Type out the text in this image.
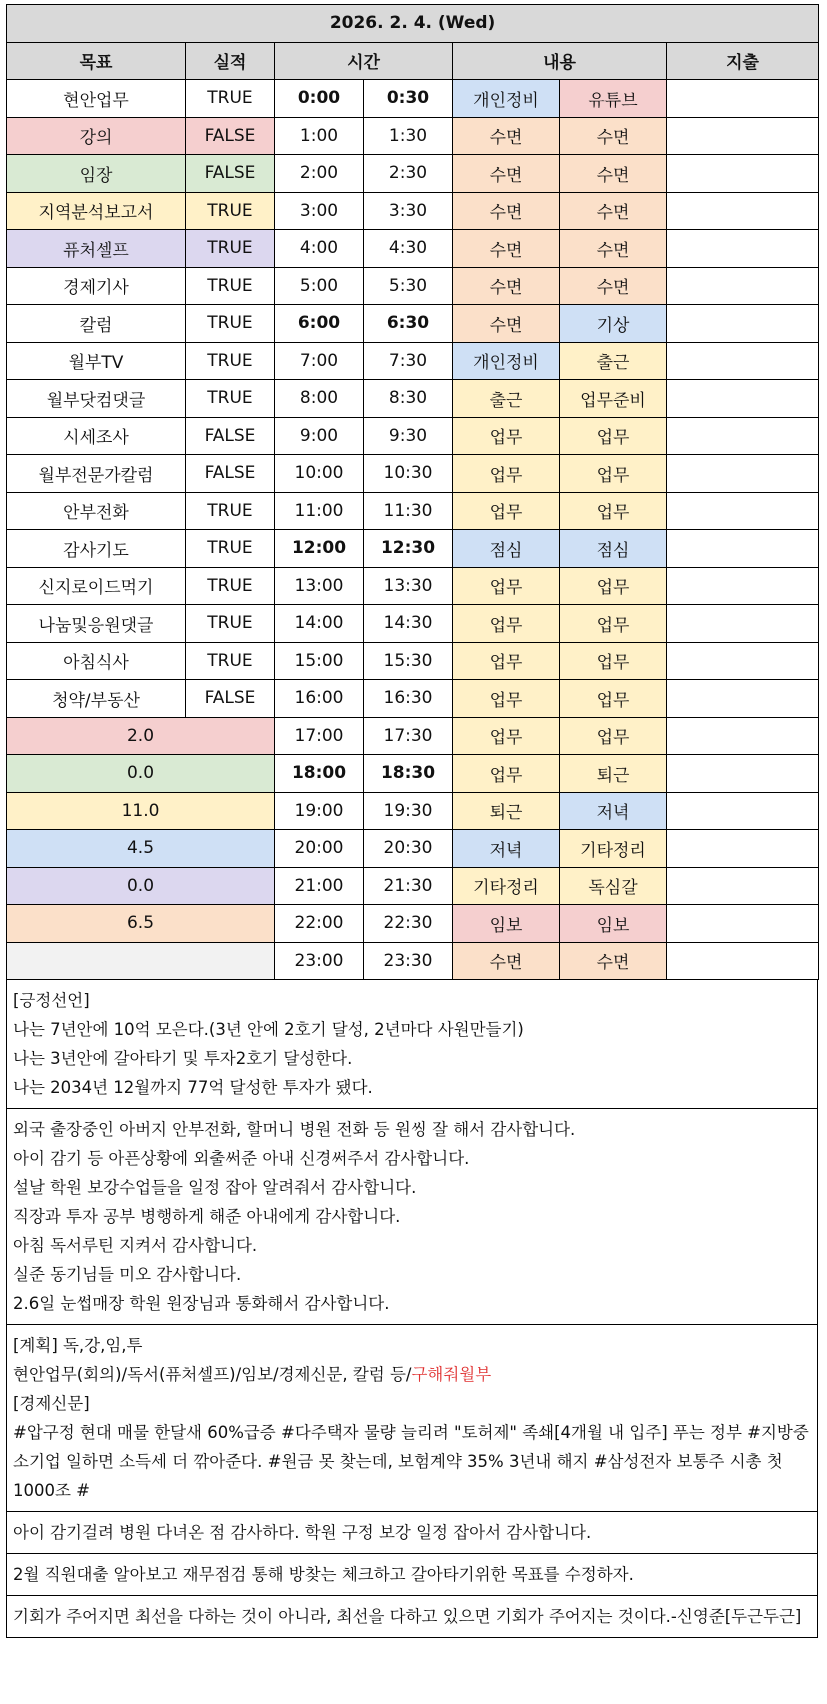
2026. 2. 4. (Wed)						
목표	실적	시간		내용		지출
현안업무	TRUE	0:00	0:30	개인정비	유튜브	
강의	FALSE	1:00	1:30	수면	수면	
임장	FALSE	2:00	2:30	수면	수면	
지역분석보고서	TRUE	3:00	3:30	수면	수면	
퓨처셀프	TRUE	4:00	4:30	수면	수면	
경제기사	TRUE	5:00	5:30	수면	수면	
칼럼	TRUE	6:00	6:30	수면	기상	
월부TV	TRUE	7:00	7:30	개인정비	출근	
월부닷컴댓글	TRUE	8:00	8:30	출근	업무준비	
시세조사	FALSE	9:00	9:30	업무	업무	
월부전문가칼럼	FALSE	10:00	10:30	업무	업무	
안부전화	TRUE	11:00	11:30	업무	업무	
감사기도	TRUE	12:00	12:30	점심	점심	
신지로이드먹기	TRUE	13:00	13:30	업무	업무	
나눔및응원댓글	TRUE	14:00	14:30	업무	업무	
아침식사	TRUE	15:00	15:30	업무	업무	
청약/부동산	FALSE	16:00	16:30	업무	업무	
2.0		17:00	17:30	업무	업무	
0.0		18:00	18:30	업무	퇴근	
11.0		19:00	19:30	퇴근	저녁	
4.5		20:00	20:30	저녁	기타정리	
0.0		21:00	21:30	기타정리	독심갈	
6.5		22:00	22:30	임보	임보	
		23:00	23:30	수면	수면	

[긍정선언]

나는 7년안에 10억 모은다.(3년 안에 2호기 달성, 2년마다 사원만들기)

나는 3년안에 갈아타기 및 투자2호기 달성한다.

나는 2034년 12월까지 77억 달성한 투자가 됐다.

외국 출장중인 아버지 안부전화, 할머니 병원 전화 등 원씽 잘 해서 감사합니다.

아이 감기 등 아픈상황에 외출써준 아내 신경써주서 감사합니다.

설날 학원 보강수업들을 일정 잡아 알려줘서 감사합니다.

직장과 투자 공부 병행하게 해준 아내에게 감사합니다.

아침 독서루틴 지켜서 감사합니다.

실준 동기님들 미오 감사합니다.

2.6일 눈썹매장 학원 원장님과 통화해서 감사합니다.

[계획] 독,강,임,투

현안업무(회의)/독서(퓨처셀프)/임보/경제신문, 칼럼 등/구해줘월부

[경제신문]

#압구정 현대 매물 한달새 60%급증 #다주택자 물량 늘리려 "토허제" 족쇄[4개월 내 입주] 푸는 정부 #지방중소기업 일하면 소득세 더 깎아준다. #원금 못 찾는데, 보험계약 35% 3년내 해지 #삼성전자 보통주 시총 첫 1000조 #

아이 감기걸려 병원 다녀온 점 감사하다. 학원 구정 보강 일정 잡아서 감사합니다.

2월 직원대출 알아보고 재무점검 통해 방찾는 체크하고 갈아타기위한 목표를 수정하자.

기회가 주어지면 최선을 다하는 것이 아니라, 최선을 다하고 있으면 기회가 주어지는 것이다.-신영준[두근두근]
